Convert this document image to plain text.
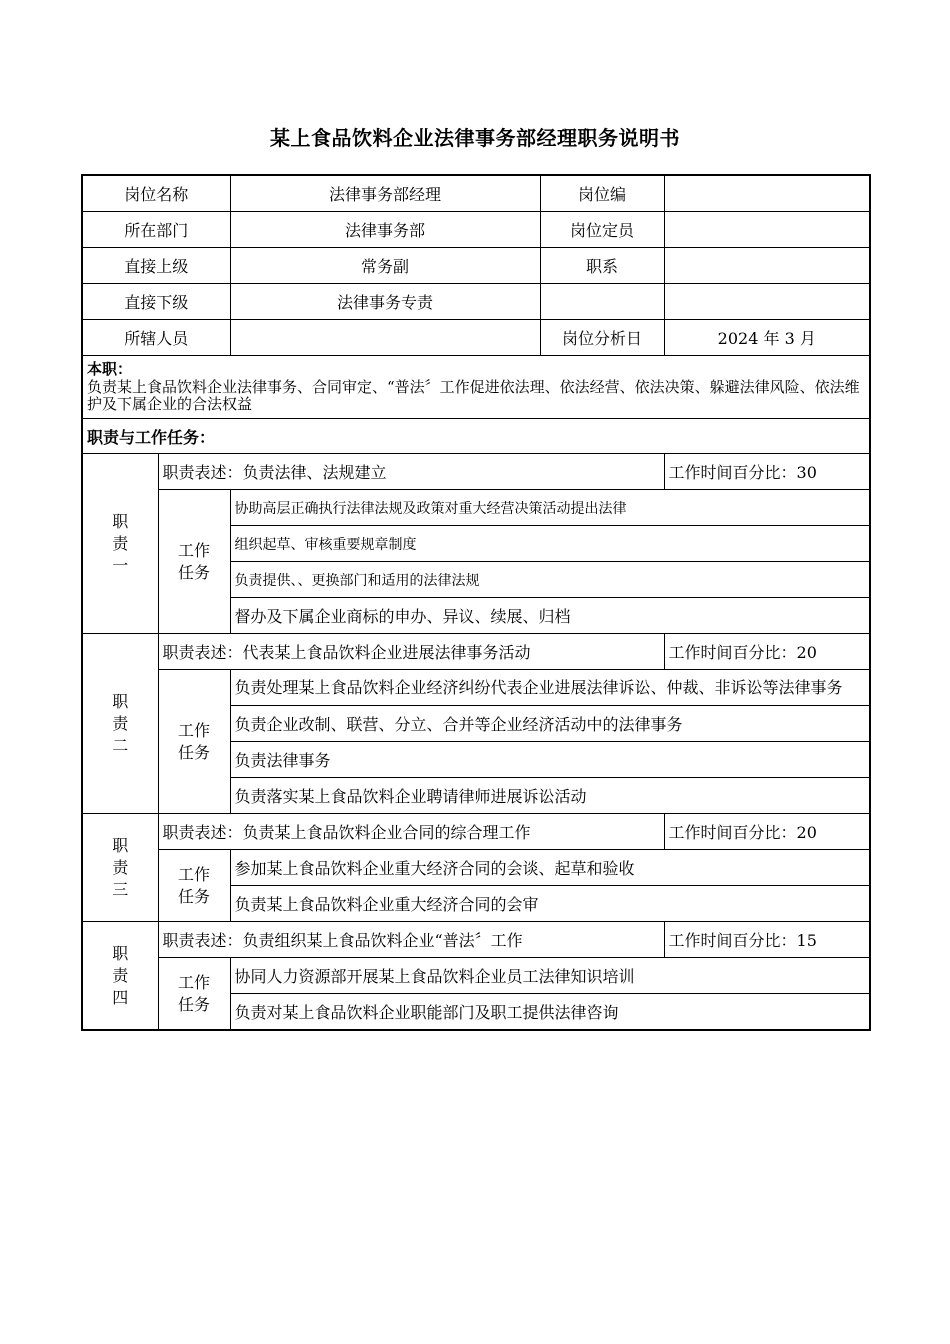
某上食品饮料企业法律事务部经理职务说明书
岗位名称		法律事务部经理	岗位编	
所在部门		法律事务部	岗位定员	
直接上级		常务副	职系	
直接下级		法律事务专责		
所辖人员			岗位分析日	2024 年 3 月

本职：
负责某上食品饮料企业法律事务、合同审定、“普法〞工作促进依法理、依法经营、依法决策、躲避法律风险、依法维护及下属企业的合法权益				

职责与工作任务：				

职
责
一	职责表述：负责法律、法规建立			工作时间百分比：30
	工作
任务	协助高层正确执行法律法规及政策对重大经营决策活动提出法律		
		组织起草、审核重要规章制度		
		负责提供、、更换部门和适用的法律法规		
		督办及下属企业商标的申办、异议、续展、归档		

职
责
二	职责表述：代表某上食品饮料企业进展法律事务活动			工作时间百分比：20
	工作
任务	负责处理某上食品饮料企业经济纠纷代表企业进展法律诉讼、仲裁、非诉讼等法律事务		
		负责企业改制、联营、分立、合并等企业经济活动中的法律事务		
		负责法律事务		
		负责落实某上食品饮料企业聘请律师进展诉讼活动		

职
责
三	职责表述：负责某上食品饮料企业合同的综合理工作			工作时间百分比：20
	工作
任务	参加某上食品饮料企业重大经济合同的会谈、起草和验收		
		负责某上食品饮料企业重大经济合同的会审		

职
责
四	职责表述：负责组织某上食品饮料企业“普法〞工作			工作时间百分比：15
	工作
任务	协同人力资源部开展某上食品饮料企业员工法律知识培训		
		负责对某上食品饮料企业职能部门及职工提供法律咨询		
